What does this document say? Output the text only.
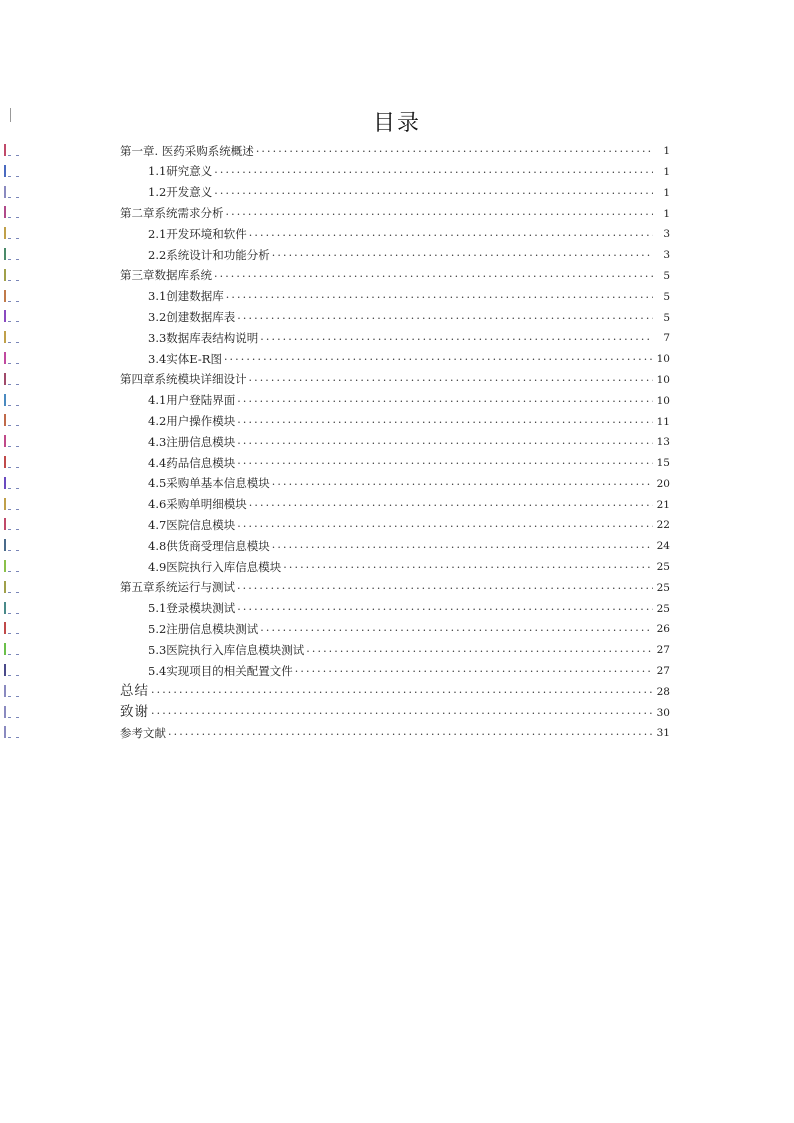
目录
第一章. 医药采购系统概述 ·····	1
1.1研究意义 ·····	1
1.2开发意义 ·····	1
第二章系统需求分析 ·····	1
2.1开发环境和软件 ·····	3
2.2系统设计和功能分析 ·····	3
第三章数据库系统 ·····	5
3.1创建数据库 ·····	5
3.2创建数据库表 ·····	5
3.3数据库表结构说明 ·····	7
3.4实体E-R图 ·····	10
第四章系统模块详细设计 ·····	10
4.1用户登陆界面 ·····	10
4.2用户操作模块 ·····	11
4.3注册信息模块 ·····	13
4.4药品信息模块 ·····	15
4.5采购单基本信息模块 ·····	20
4.6采购单明细模块 ·····	21
4.7医院信息模块 ·····	22
4.8供货商受理信息模块 ·····	24
4.9医院执行入库信息模块 ·····	25
第五章系统运行与测试 ·····	25
5.1登录模块测试 ·····	25
5.2注册信息模块测试 ·····	26
5.3医院执行入库信息模块测试 ·····	27
5.4实现项目的相关配置文件 ·····	27
总结 ·····	28
致谢 ·····	30
参考文献 ·····	31
